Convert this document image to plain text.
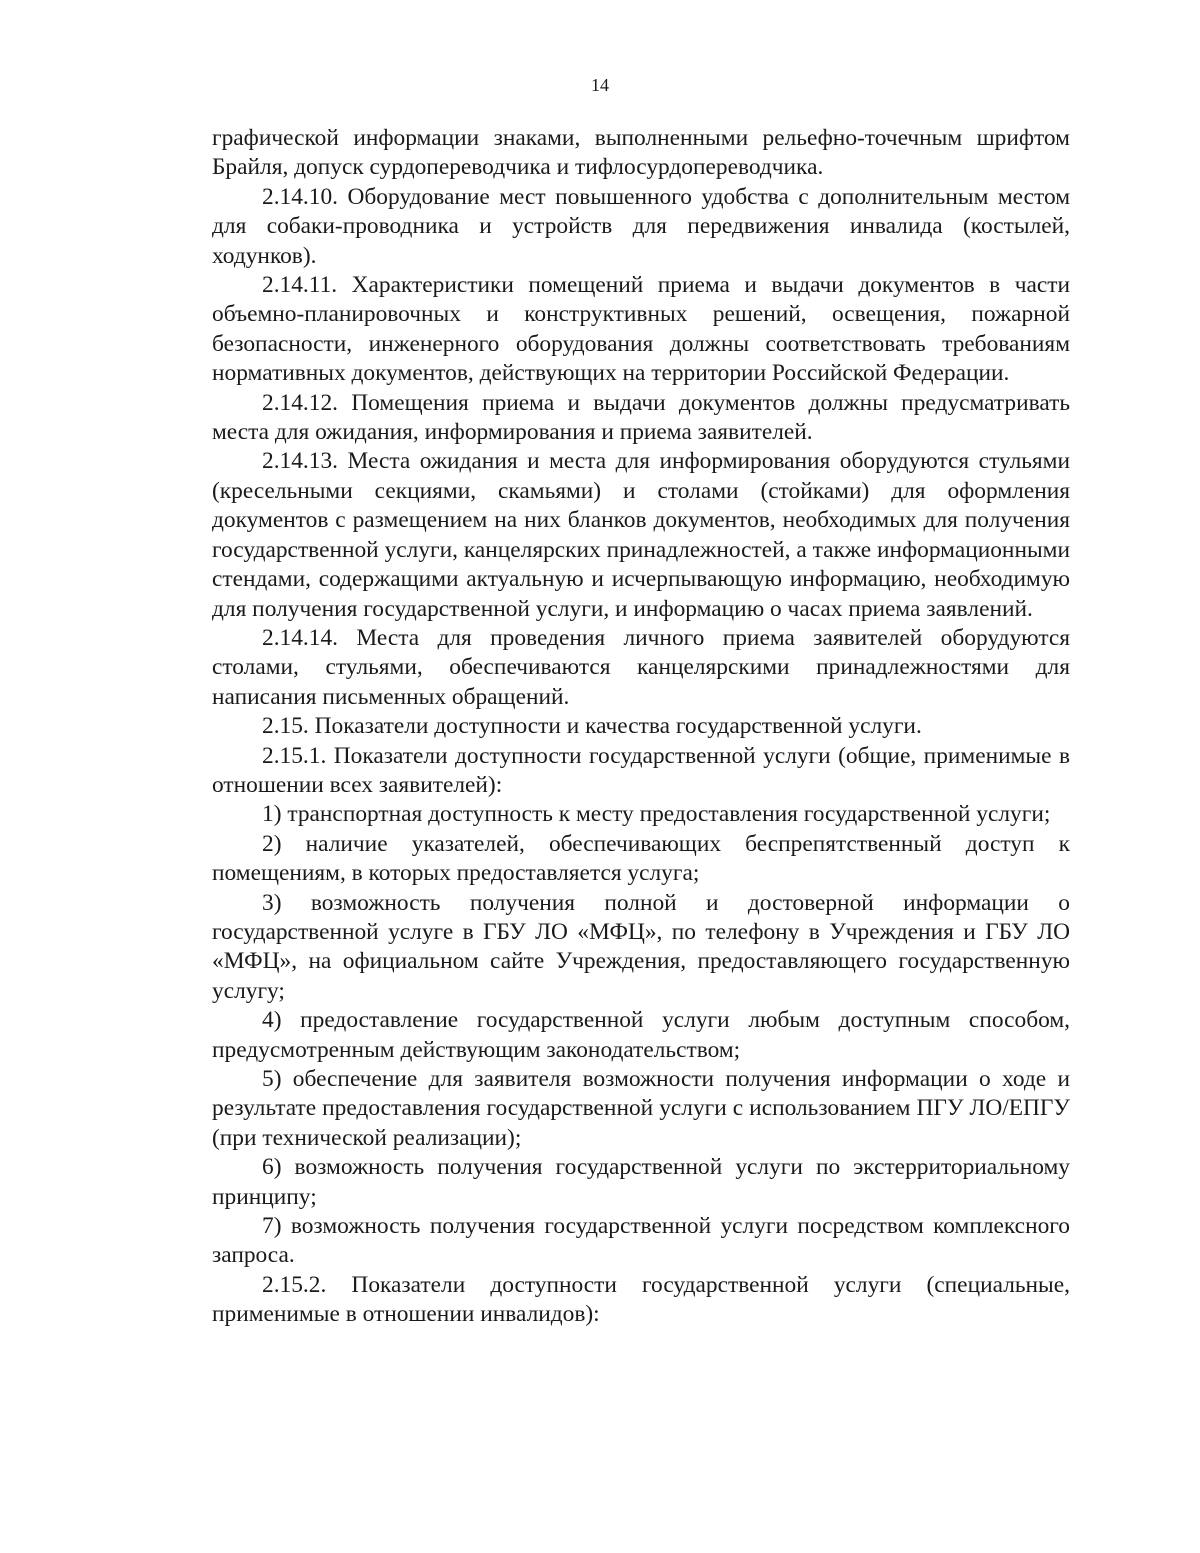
14

графической информации знаками, выполненными рельефно-точечным шрифтом Брайля, допуск сурдопереводчика и тифлосурдопереводчика.

2.14.10. Оборудование мест повышенного удобства с дополнительным местом для собаки-проводника и устройств для передвижения инвалида (костылей, ходунков).

2.14.11. Характеристики помещений приема и выдачи документов в части объемно-планировочных и конструктивных решений, освещения, пожарной безопасности, инженерного оборудования должны соответствовать требованиям нормативных документов, действующих на территории Российской Федерации.

2.14.12. Помещения приема и выдачи документов должны предусматривать места для ожидания, информирования и приема заявителей.

2.14.13. Места ожидания и места для информирования оборудуются стульями (кресельными секциями, скамьями) и столами (стойками) для оформления документов с размещением на них бланков документов, необходимых для получения государственной услуги, канцелярских принадлежностей, а также информационными стендами, содержащими актуальную и исчерпывающую информацию, необходимую для получения государственной услуги, и информацию о часах приема заявлений.

2.14.14. Места для проведения личного приема заявителей оборудуются столами, стульями, обеспечиваются канцелярскими принадлежностями для написания письменных обращений.

2.15. Показатели доступности и качества государственной услуги.

2.15.1. Показатели доступности государственной услуги (общие, применимые в отношении всех заявителей):

1) транспортная доступность к месту предоставления государственной услуги;

2) наличие указателей, обеспечивающих беспрепятственный доступ к помещениям, в которых предоставляется услуга;

3) возможность получения полной и достоверной информации о государственной услуге в ГБУ ЛО «МФЦ», по телефону в Учреждения и ГБУ ЛО «МФЦ», на официальном сайте Учреждения, предоставляющего государственную услугу;

4) предоставление государственной услуги любым доступным способом, предусмотренным действующим законодательством;

5) обеспечение для заявителя возможности получения информации о ходе и результате предоставления государственной услуги с использованием ПГУ ЛО/ЕПГУ (при технической реализации);

6) возможность получения государственной услуги по экстерриториальному принципу;

7) возможность получения государственной услуги посредством комплексного запроса.

2.15.2. Показатели доступности государственной услуги (специальные, применимые в отношении инвалидов):
